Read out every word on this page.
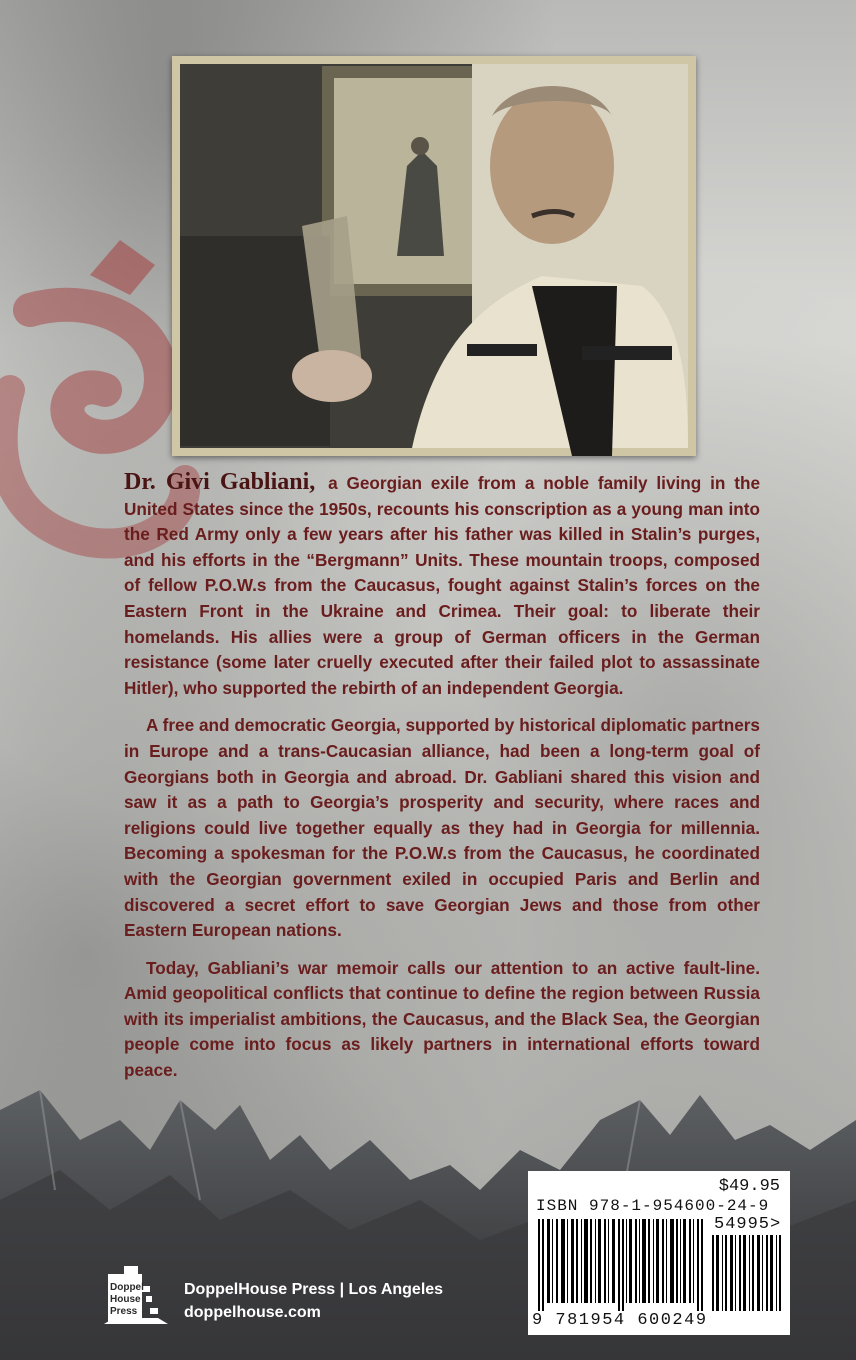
Dr. Givi Gabliani, a Georgian exile from a noble family living in the United States since the 1950s, recounts his conscription as a young man into the Red Army only a few years after his father was killed in Stalin’s purges, and his efforts in the “Bergmann” Units. These mountain troops, composed of fellow P.O.W.s from the Caucasus, fought against Stalin’s forces on the Eastern Front in the Ukraine and Crimea. Their goal: to liberate their homelands. His allies were a group of German officers in the German resistance (some later cruelly executed after their failed plot to assassinate Hitler), who supported the rebirth of an independent Georgia.

A free and democratic Georgia, supported by historical diplomatic partners in Europe and a trans-Caucasian alliance, had been a long-term goal of Georgians both in Georgia and abroad. Dr. Gabliani shared this vision and saw it as a path to Georgia’s prosperity and security, where races and religions could live together equally as they had in Georgia for millennia. Becoming a spokesman for the P.O.W.s from the Caucasus, he coordinated with the Georgian government exiled in occupied Paris and Berlin and discovered a secret effort to save Georgian Jews and those from other Eastern European nations.

Today, Gabliani’s war memoir calls our attention to an active fault-line. Amid geopolitical conflicts that continue to define the region between Russia with its imperialist ambitions, the Caucasus, and the Black Sea, the Georgian people come into focus as likely partners in international efforts toward peace.

$49.95
ISBN 978-1-954600-24-9
54995>
9 781954 600249
Doppel
House
Press
DoppelHouse Press | Los Angeles
doppelhouse.com
